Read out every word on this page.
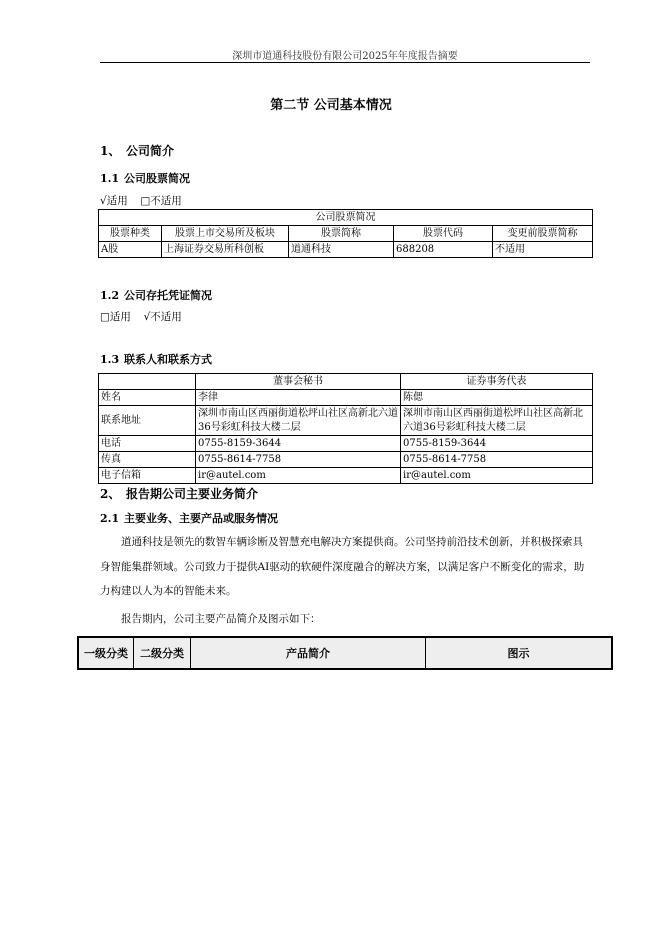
深圳市道通科技股份有限公司2025年年度报告摘要
第二节 公司基本情况
1、 公司简介
1.1 公司股票简况
√适用 □不适用
公司股票简况				
股票种类	股票上市交易所及板块	股票简称	股票代码	变更前股票简称
A股	上海证券交易所科创板	道通科技	688208	不适用
1.2 公司存托凭证简况
□适用 √不适用
1.3 联系人和联系方式
	董事会秘书	证券事务代表
姓名	李律	陈偲
联系地址	深圳市南山区西丽街道松坪山社区高新北六道36号彩虹科技大楼二层	深圳市南山区西丽街道松坪山社区高新北六道36号彩虹科技大楼二层
电话	0755-8159-3644	0755-8159-3644
传真	0755-8614-7758	0755-8614-7758
电子信箱	ir@autel.com	ir@autel.com
2、 报告期公司主要业务简介
2.1 主要业务、主要产品或服务情况
道通科技是领先的数智车辆诊断及智慧充电解决方案提供商。公司坚持前沿技术创新，并积极探索具身智能集群领域。公司致力于提供AI驱动的软硬件深度融合的解决方案，以满足客户不断变化的需求，助力构建以人为本的智能未来。
报告期内，公司主要产品简介及图示如下：
一级分类	二级分类	产品简介	图示
